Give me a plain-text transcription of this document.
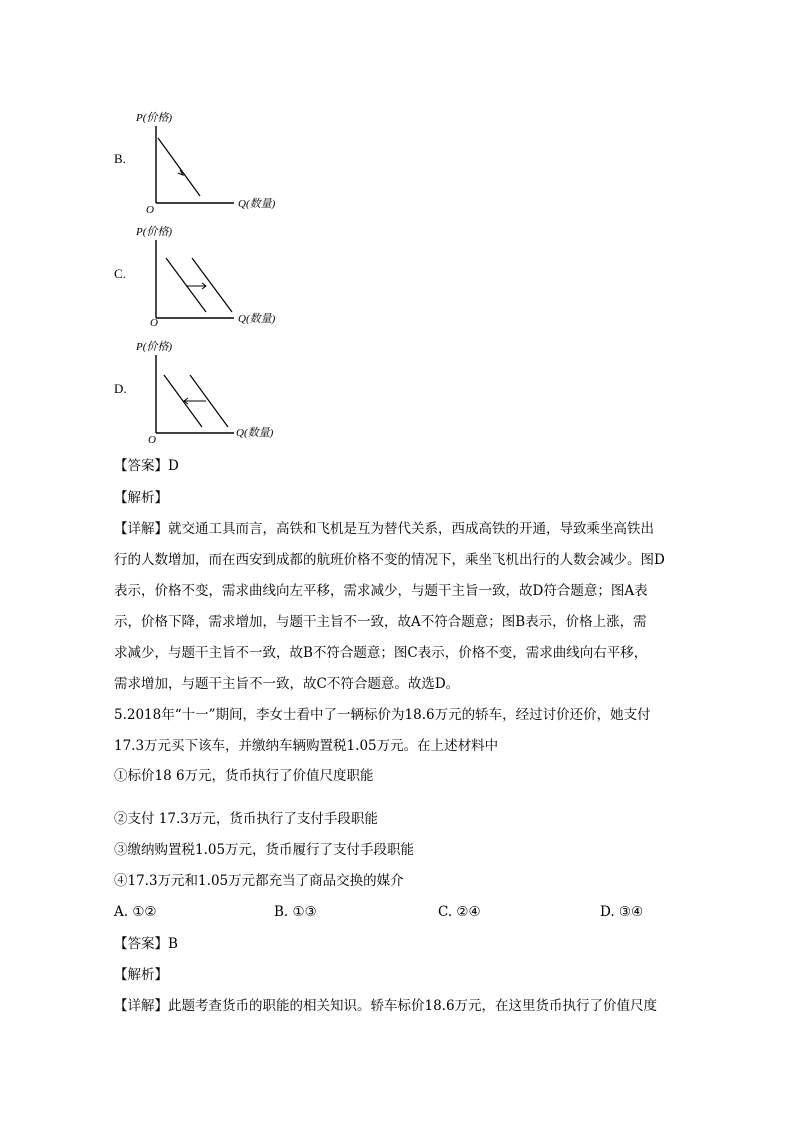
B.
P(价格)
O	Q(数量)
C.
P(价格)
O	Q(数量)
D.
P(价格)
O
Q(数量)
【答案】D
【解析】
【详解】就交通工具而言，高铁和飞机是互为替代关系，西成高铁的开通，导致乘坐高铁出
行的人数增加，而在西安到成都的航班价格不变的情况下，乘坐飞机出行的人数会减少。图D
表示，价格不变，需求曲线向左平移，需求减少，与题干主旨一致，故D符合题意；图A表
示，价格下降，需求增加，与题干主旨不一致，故A不符合题意；图B表示，价格上涨，需
求减少，与题干主旨不一致，故B不符合题意；图C表示，价格不变，需求曲线向右平移，
需求增加，与题干主旨不一致，故C不符合题意。故选D。
5.2018年“十一”期间，李女士看中了一辆标价为18.6万元的轿车，经过讨价还价，她支付
17.3万元买下该车，并缴纳车辆购置税1.05万元。在上述材料中
①标价18 6万元，货币执行了价值尺度职能
②支付 17.3万元，货币执行了支付手段职能
③缴纳购置税1.05万元，货币履行了支付手段职能
④17.3万元和1.05万元都充当了商品交换的媒介
A. ①②	B. ①③	C. ②④	D. ③④
【答案】B
【解析】
【详解】此题考查货币的职能的相关知识。轿车标价18.6万元，在这里货币执行了价值尺度
